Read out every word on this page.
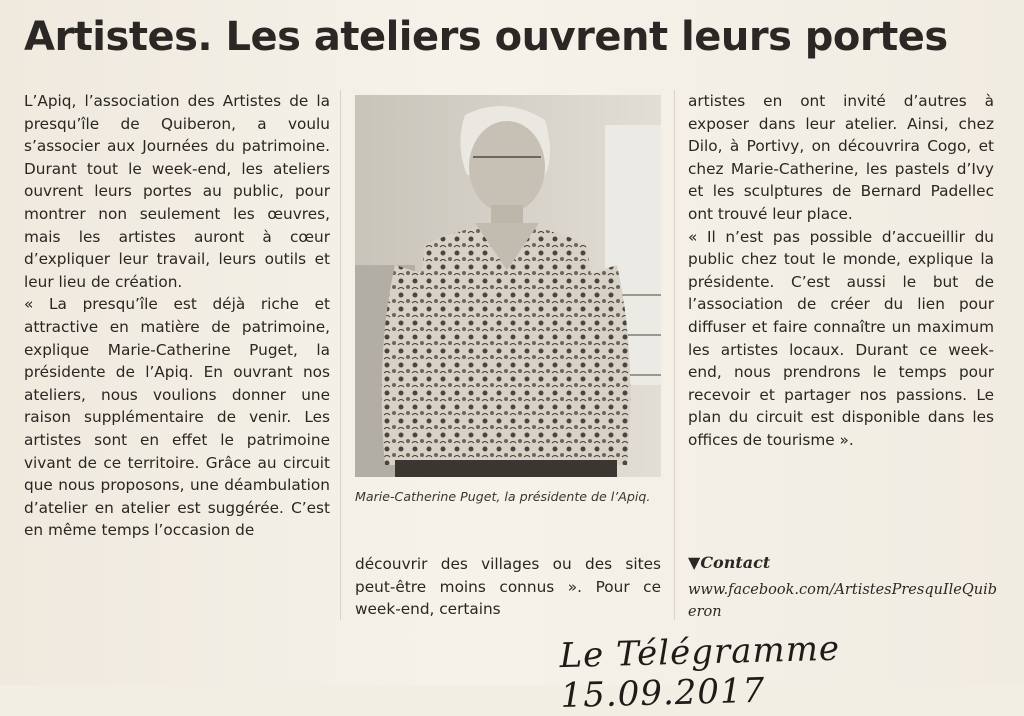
Artistes. Les ateliers ouvrent leurs portes

L’Apiq, l’association des Artistes de la presqu’île de Quiberon, a voulu s’associer aux Journées du patrimoine. Durant tout le week-end, les ateliers ouvrent leurs portes au public, pour montrer non seulement les œuvres, mais les artistes auront à cœur d’expliquer leur travail, leurs outils et leur lieu de création.

« La presqu’île est déjà riche et attractive en matière de patrimoine, explique Marie-Catherine Puget, la présidente de l’Apiq. En ouvrant nos ateliers, nous voulions donner une raison supplémentaire de venir. Les artistes sont en effet le patrimoine vivant de ce territoire. Grâce au circuit que nous proposons, une déambulation d’atelier en atelier est suggérée. C’est en même temps l’occasion de

Marie-Catherine Puget, la présidente de l’Apiq.

découvrir des villages ou des sites peut-être moins connus ». Pour ce week-end, certains

artistes en ont invité d’autres à exposer dans leur atelier. Ainsi, chez Dilo, à Portivy, on découvrira Cogo, et chez Marie-Catherine, les pastels d’Ivy et les sculptures de Bernard Padellec ont trouvé leur place.

« Il n’est pas possible d’accueillir du public chez tout le monde, explique la présidente. C’est aussi le but de l’association de créer du lien pour diffuser et faire connaître un maximum les artistes locaux. Durant ce week-end, nous prendrons le temps pour recevoir et partager nos passions. Le plan du circuit est disponible dans les offices de tourisme ».

▼Contact
www.facebook.com/ArtistesPresquIleQuiberon
Le Télégramme 15.09.2017
